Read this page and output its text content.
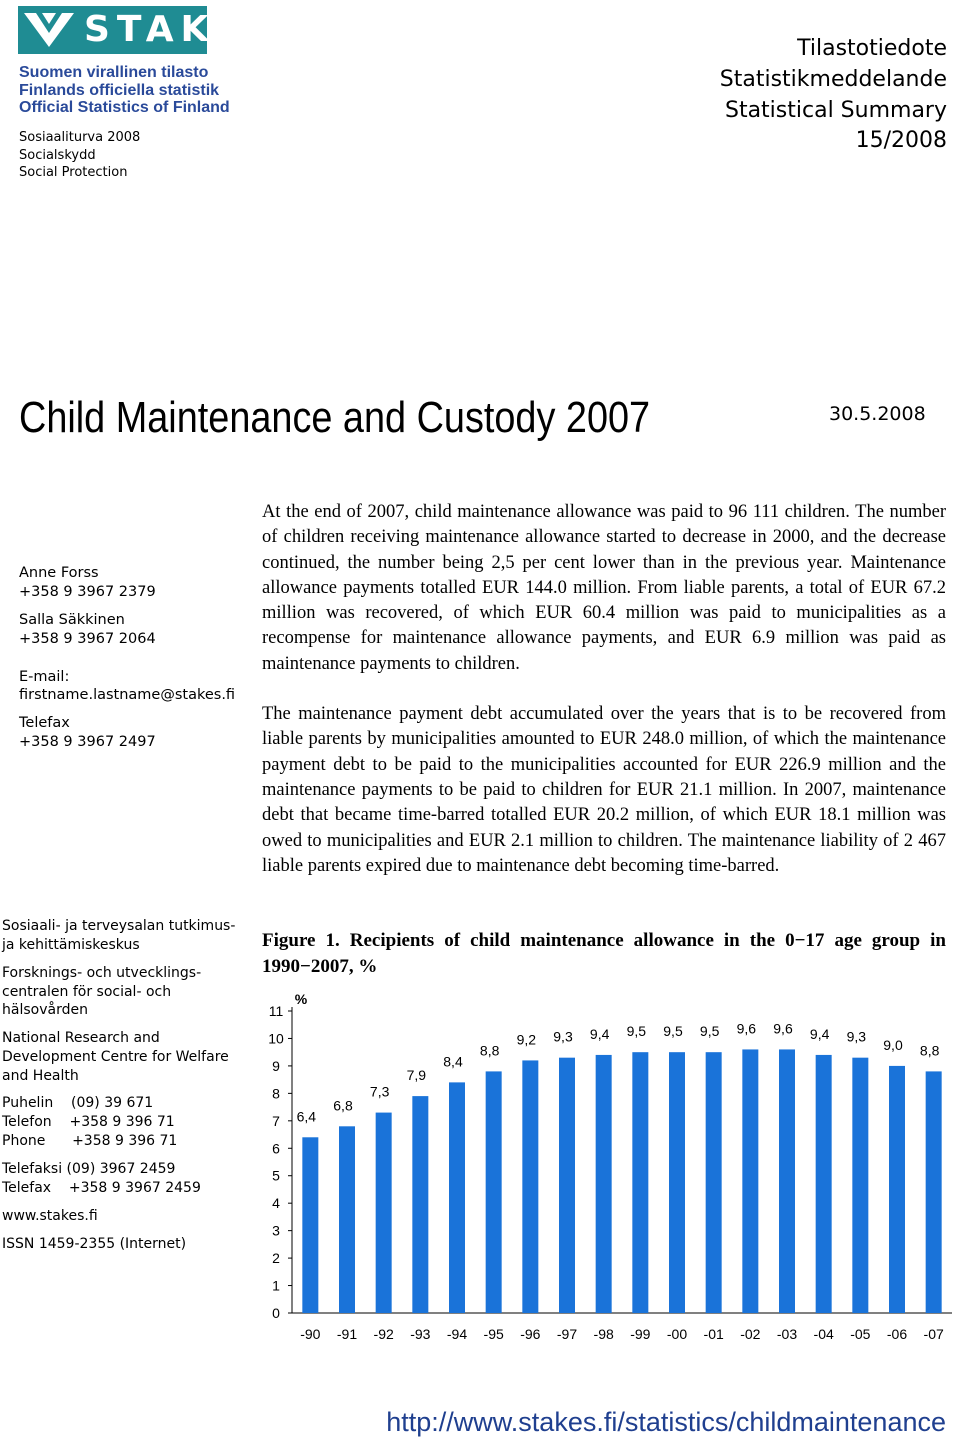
STAKES
Suomen virallinen tilasto
Finlands officiella statistik
Official Statistics of Finland
Sosiaaliturva 2008
Socialskydd
Social Protection
Tilastotiedote
Statistikmeddelande
Statistical Summary
15/2008
Child Maintenance and Custody 2007	30.5.2008
Anne Forss
+358 9 3967 2379
Salla Säkkinen
+358 9 3967 2064
E-mail:
firstname.lastname@stakes.fi
Telefax
+358 9 3967 2497
Sosiaali- ja terveysalan tutkimus-
ja kehittämiskeskus
Forsknings- och utvecklings-
centralen för social- och
hälsovården
National Research and
Development Centre for Welfare
and Health
Puhelin    (09) 39 671
Telefon    +358 9 396 71
Phone      +358 9 396 71
Telefaksi (09) 3967 2459
Telefax    +358 9 3967 2459
www.stakes.fi
ISSN 1459-2355 (Internet)

At the end of 2007, child maintenance allowance was paid to 96 111 children. The number of children receiving maintenance allowance started to decrease in 2000, and the decrease continued, the number being 2,5 per cent lower than in the previous year. Maintenance allowance payments totalled EUR 144.0 million. From liable parents, a total of EUR 67.2 million was recovered, of which EUR 60.4 million was paid to municipalities as a recompense for maintenance allowance payments, and EUR 6.9 million was paid as maintenance payments to children.

The maintenance payment debt accumulated over the years that is to be recovered from liable parents by municipalities amounted to EUR 248.0 million, of which the maintenance payment debt to be paid to the municipalities accounted for EUR 226.9 million and the maintenance payments to be paid to children for EUR 21.1 million. In 2007, maintenance debt that became time-barred totalled EUR 20.2 million, of which EUR 18.1 million was owed to municipalities and EUR 2.1 million to children. The maintenance liability of 2 467 liable parents expired due to maintenance debt becoming time-barred.

Figure 1. Recipients of child maintenance allowance in the 0−17 age group in 1990−2007, %
0
1
2
3
4
5
6
7
8
9
10
11
%
6,4
-90
6,8
-91
7,3
-92
7,9
-93
8,4
-94
8,8
-95
9,2
-96
9,3
-97
9,4
-98
9,5
-99
9,5
-00
9,5
-01
9,6
-02
9,6
-03
9,4
-04
9,3
-05
9,0
-06
8,8
-07
http://www.stakes.fi/statistics/childmaintenance
